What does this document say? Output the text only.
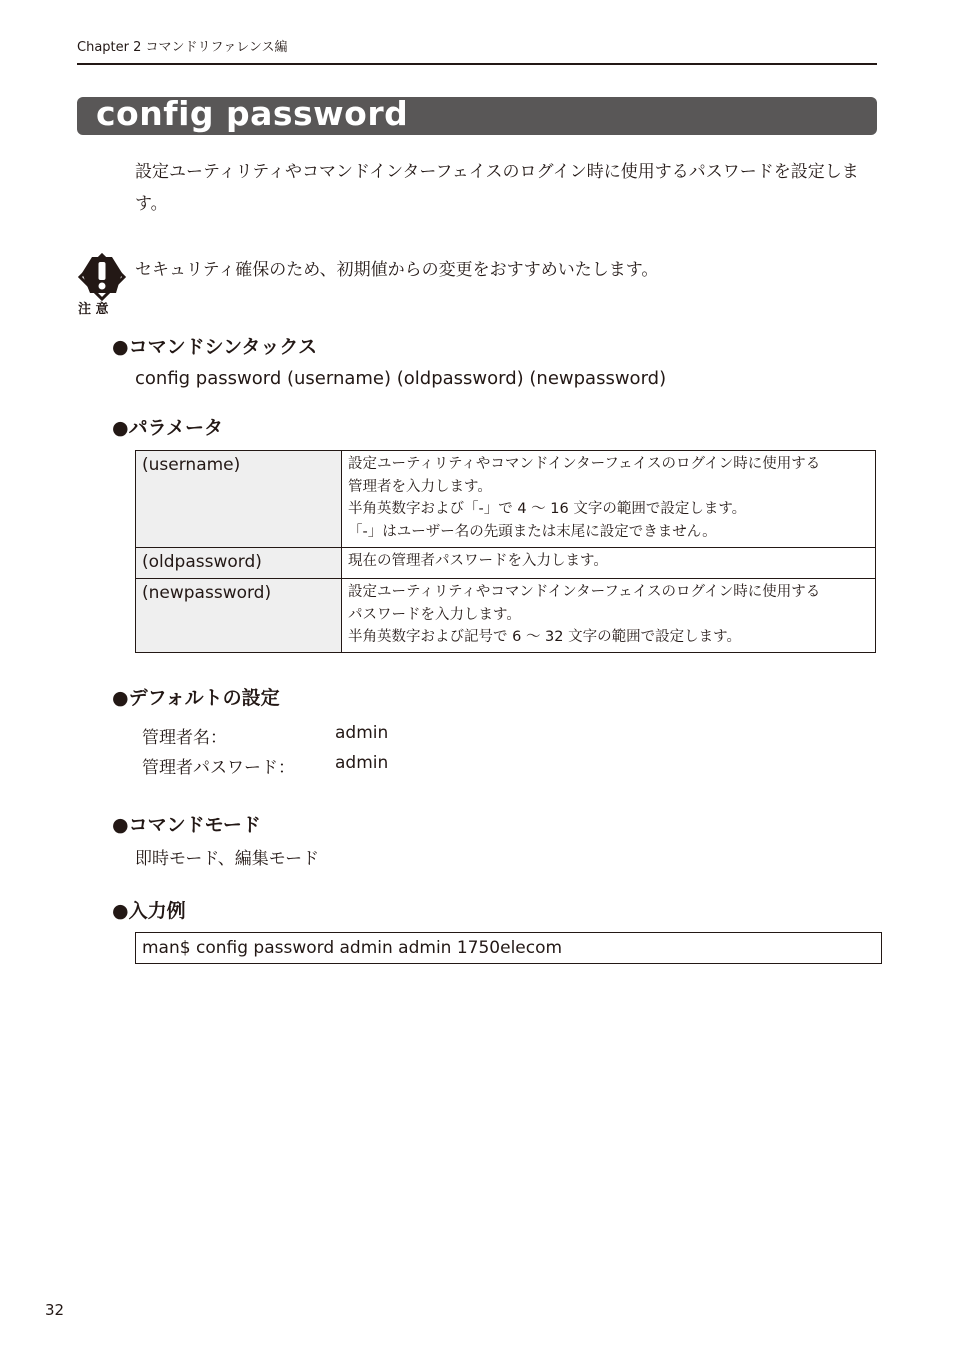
Chapter 2 コマンドリファレンス編
config password
設定ユーティリティやコマンドインターフェイスのログイン時に使用するパスワードを設定します。
注 意
セキュリティ確保のため、初期値からの変更をおすすめいたします。
●コマンドシンタックス
config password (username) (oldpassword) (newpassword)
●パラメータ
(username)	設定ユーティリティやコマンドインターフェイスのログイン時に使用する
管理者を入力します。
半角英数字および「-」で 4 〜 16 文字の範囲で設定します。
「-」はユーザー名の先頭または末尾に設定できません。

(oldpassword)	現在の管理者パスワードを入力します。

(newpassword)	設定ユーティリティやコマンドインターフェイスのログイン時に使用する
パスワードを入力します。
半角英数字および記号で 6 〜 32 文字の範囲で設定します。
●デフォルトの設定
管理者名：	admin
管理者パスワード： admin
●コマンドモード
即時モード、編集モード
●入力例
man$ config password admin admin 1750elecom
32
